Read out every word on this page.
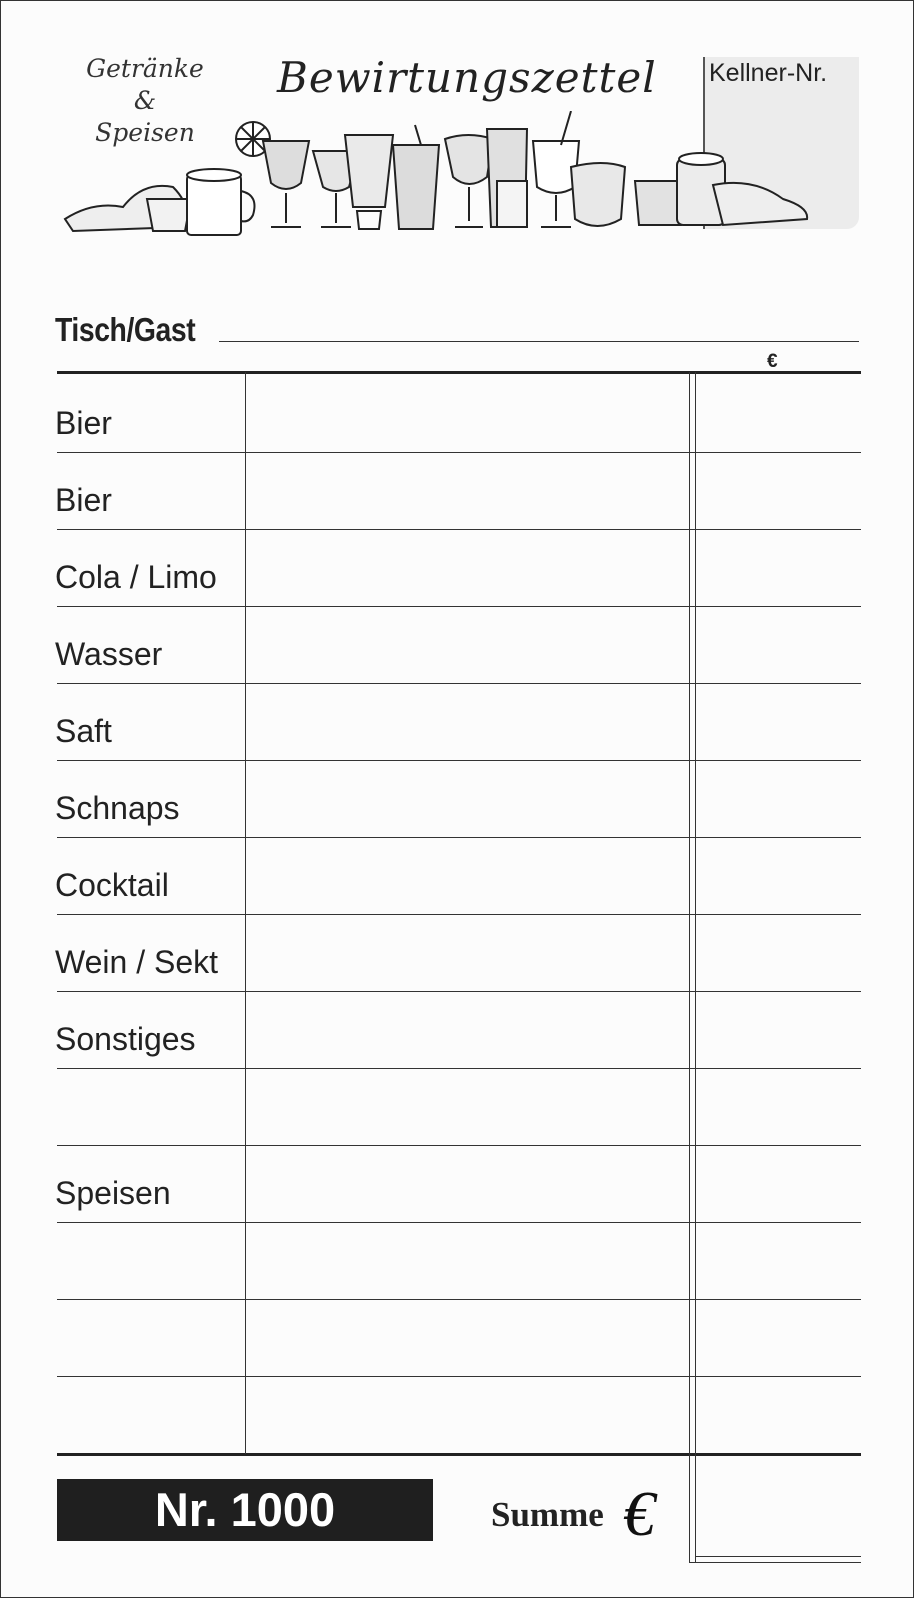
Getränke
&
Speisen
Bewirtungszettel Kellner-Nr.
Tisch/Gast
€
Bier
Bier
Cola / Limo
Wasser
Saft
Schnaps
Cocktail
Wein / Sekt
Sonstiges
Speisen
Nr. 1000	Summe €
